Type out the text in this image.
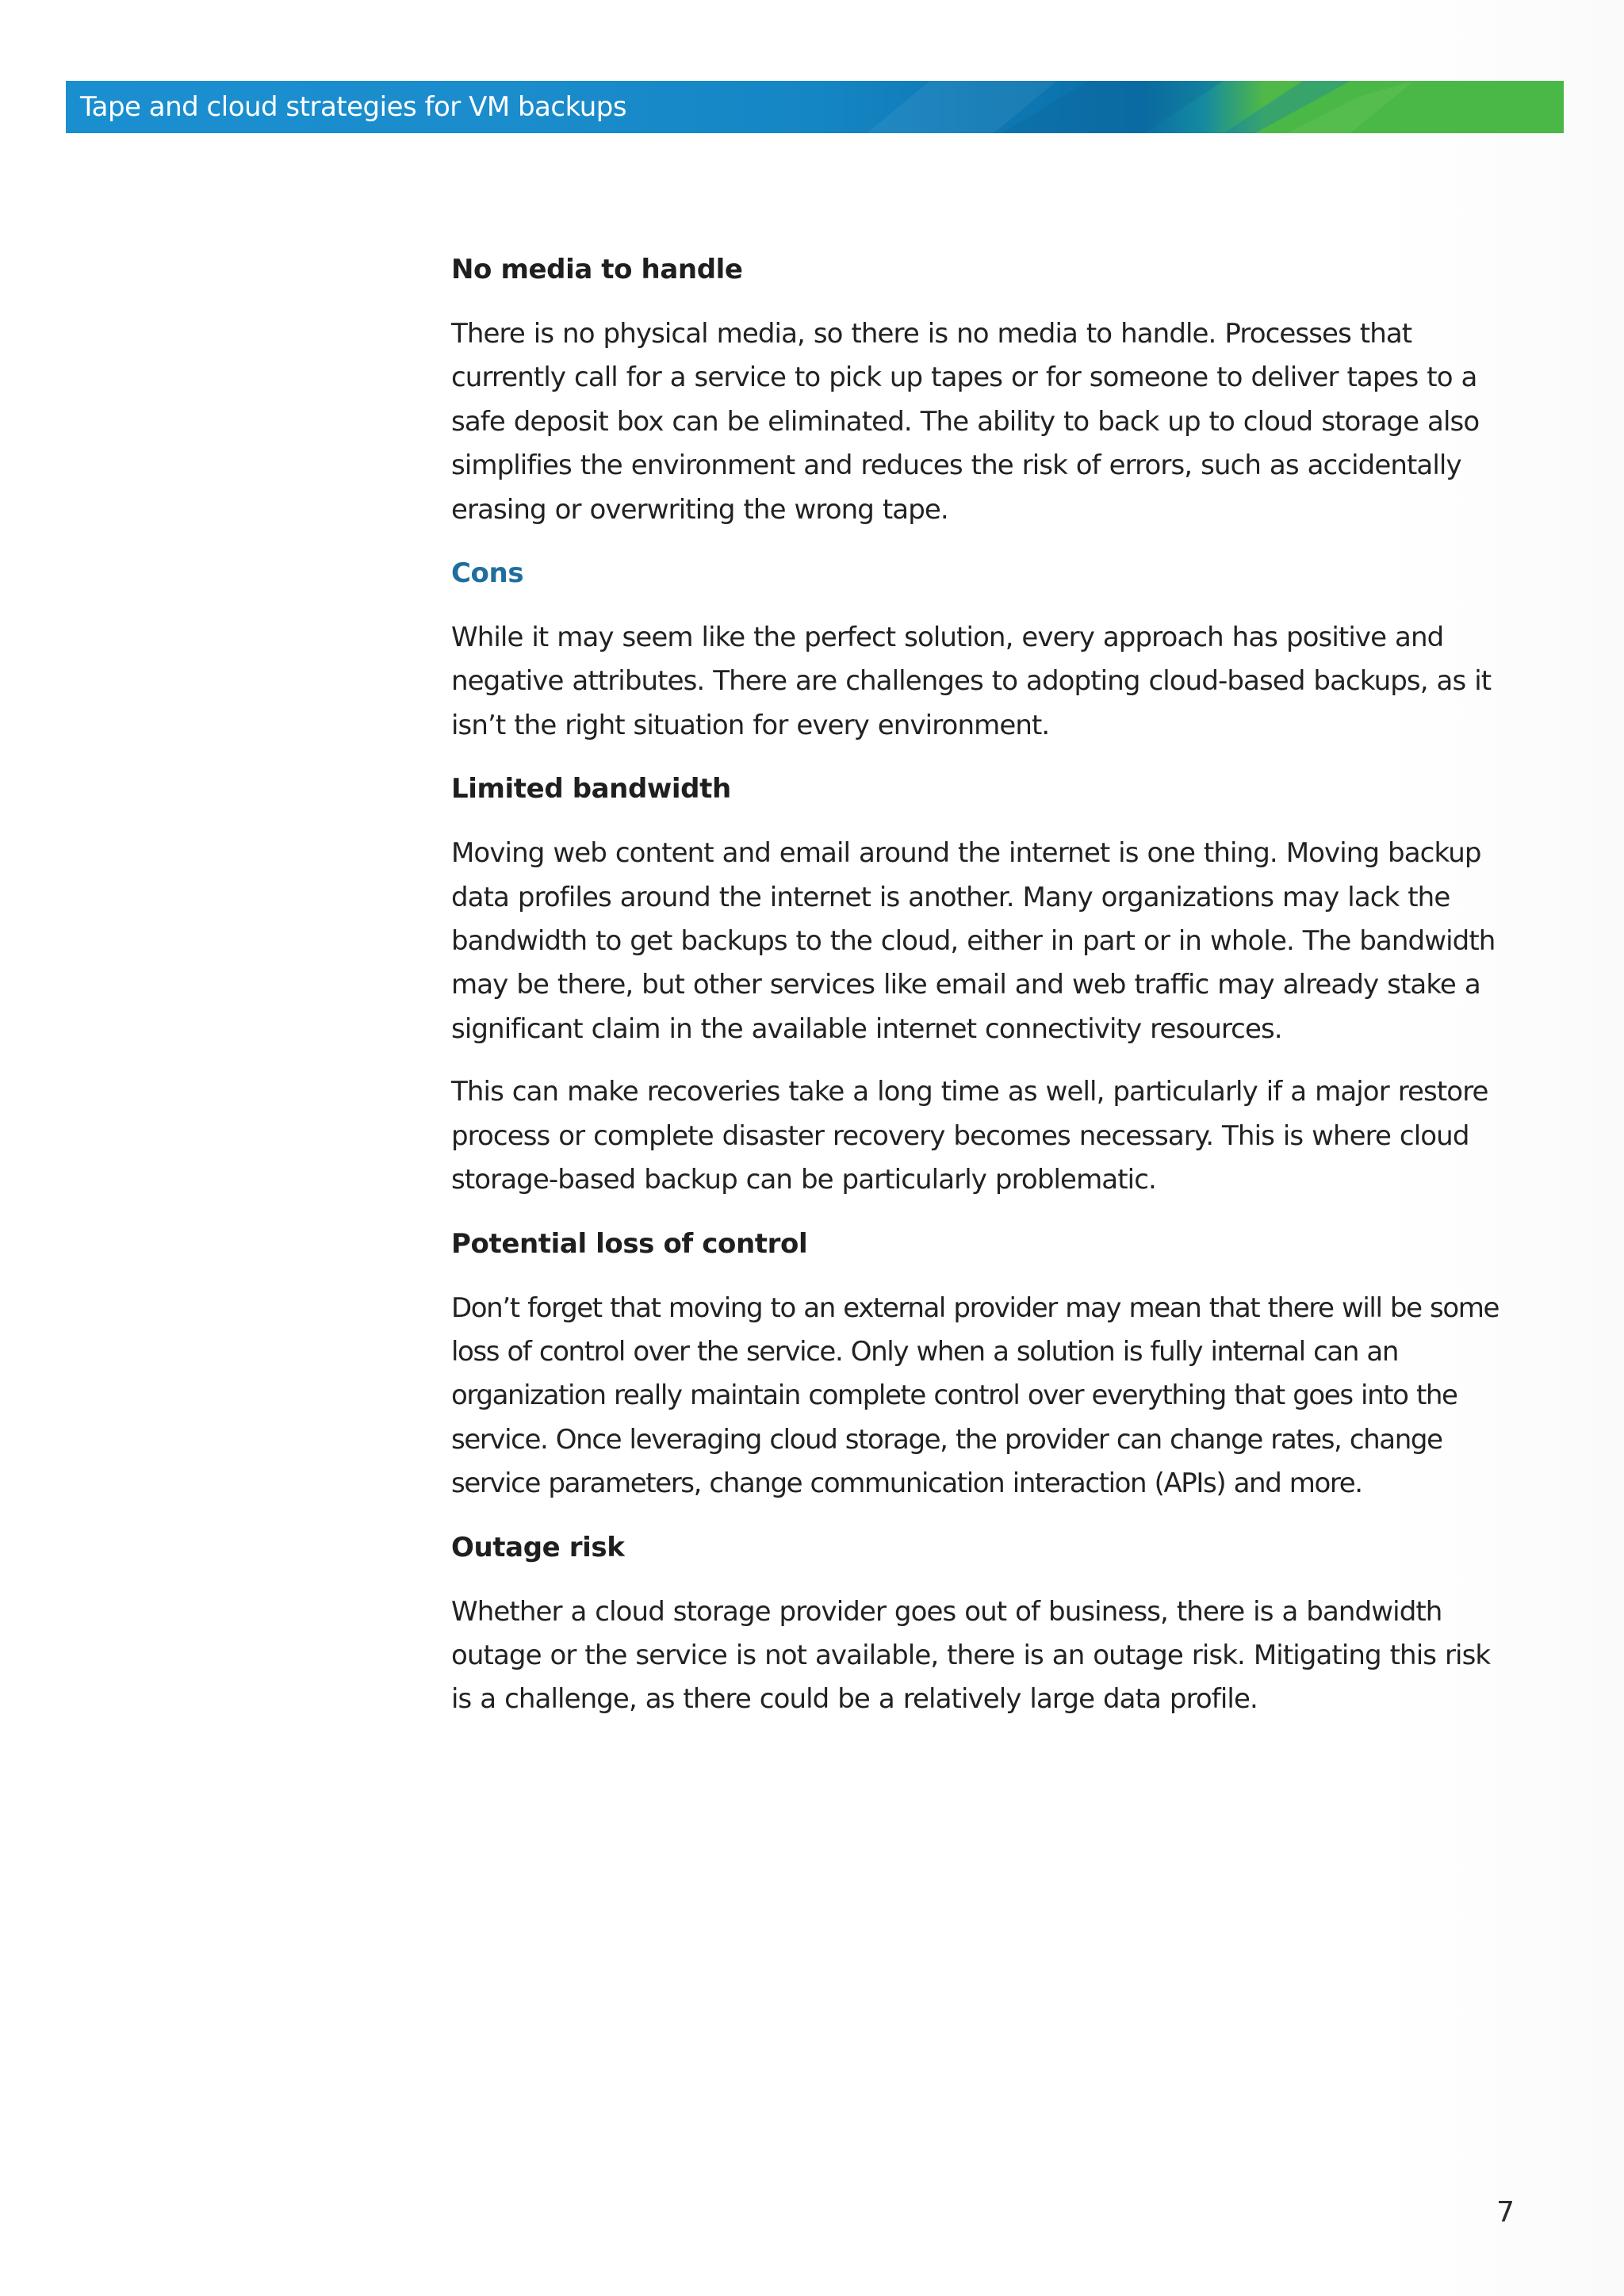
Tape and cloud strategies for VM backups
No media to handle

There is no physical media, so there is no media to handle. Processes that currently call for a service to pick up tapes or for someone to deliver tapes to a safe deposit box can be eliminated. The ability to back up to cloud storage also simplifies the environment and reduces the risk of errors, such as accidentally erasing or overwriting the wrong tape.

Cons

While it may seem like the perfect solution, every approach has positive and negative attributes. There are challenges to adopting cloud-based backups, as it isn’t the right situation for every environment.

Limited bandwidth

Moving web content and email around the internet is one thing. Moving backup data profiles around the internet is another. Many organizations may lack the bandwidth to get backups to the cloud, either in part or in whole. The bandwidth may be there, but other services like email and web traffic may already stake a significant claim in the available internet connectivity resources.

This can make recoveries take a long time as well, particularly if a major restore process or complete disaster recovery becomes necessary. This is where cloud storage-based backup can be particularly problematic.

Potential loss of control

Don’t forget that moving to an external provider may mean that there will be some loss of control over the service. Only when a solution is fully internal can an organization really maintain complete control over everything that goes into the service. Once leveraging cloud storage, the provider can change rates, change service parameters, change communication interaction (APIs) and more.

Outage risk

Whether a cloud storage provider goes out of business, there is a bandwidth outage or the service is not available, there is an outage risk. Mitigating this risk is a challenge, as there could be a relatively large data profile.

7
